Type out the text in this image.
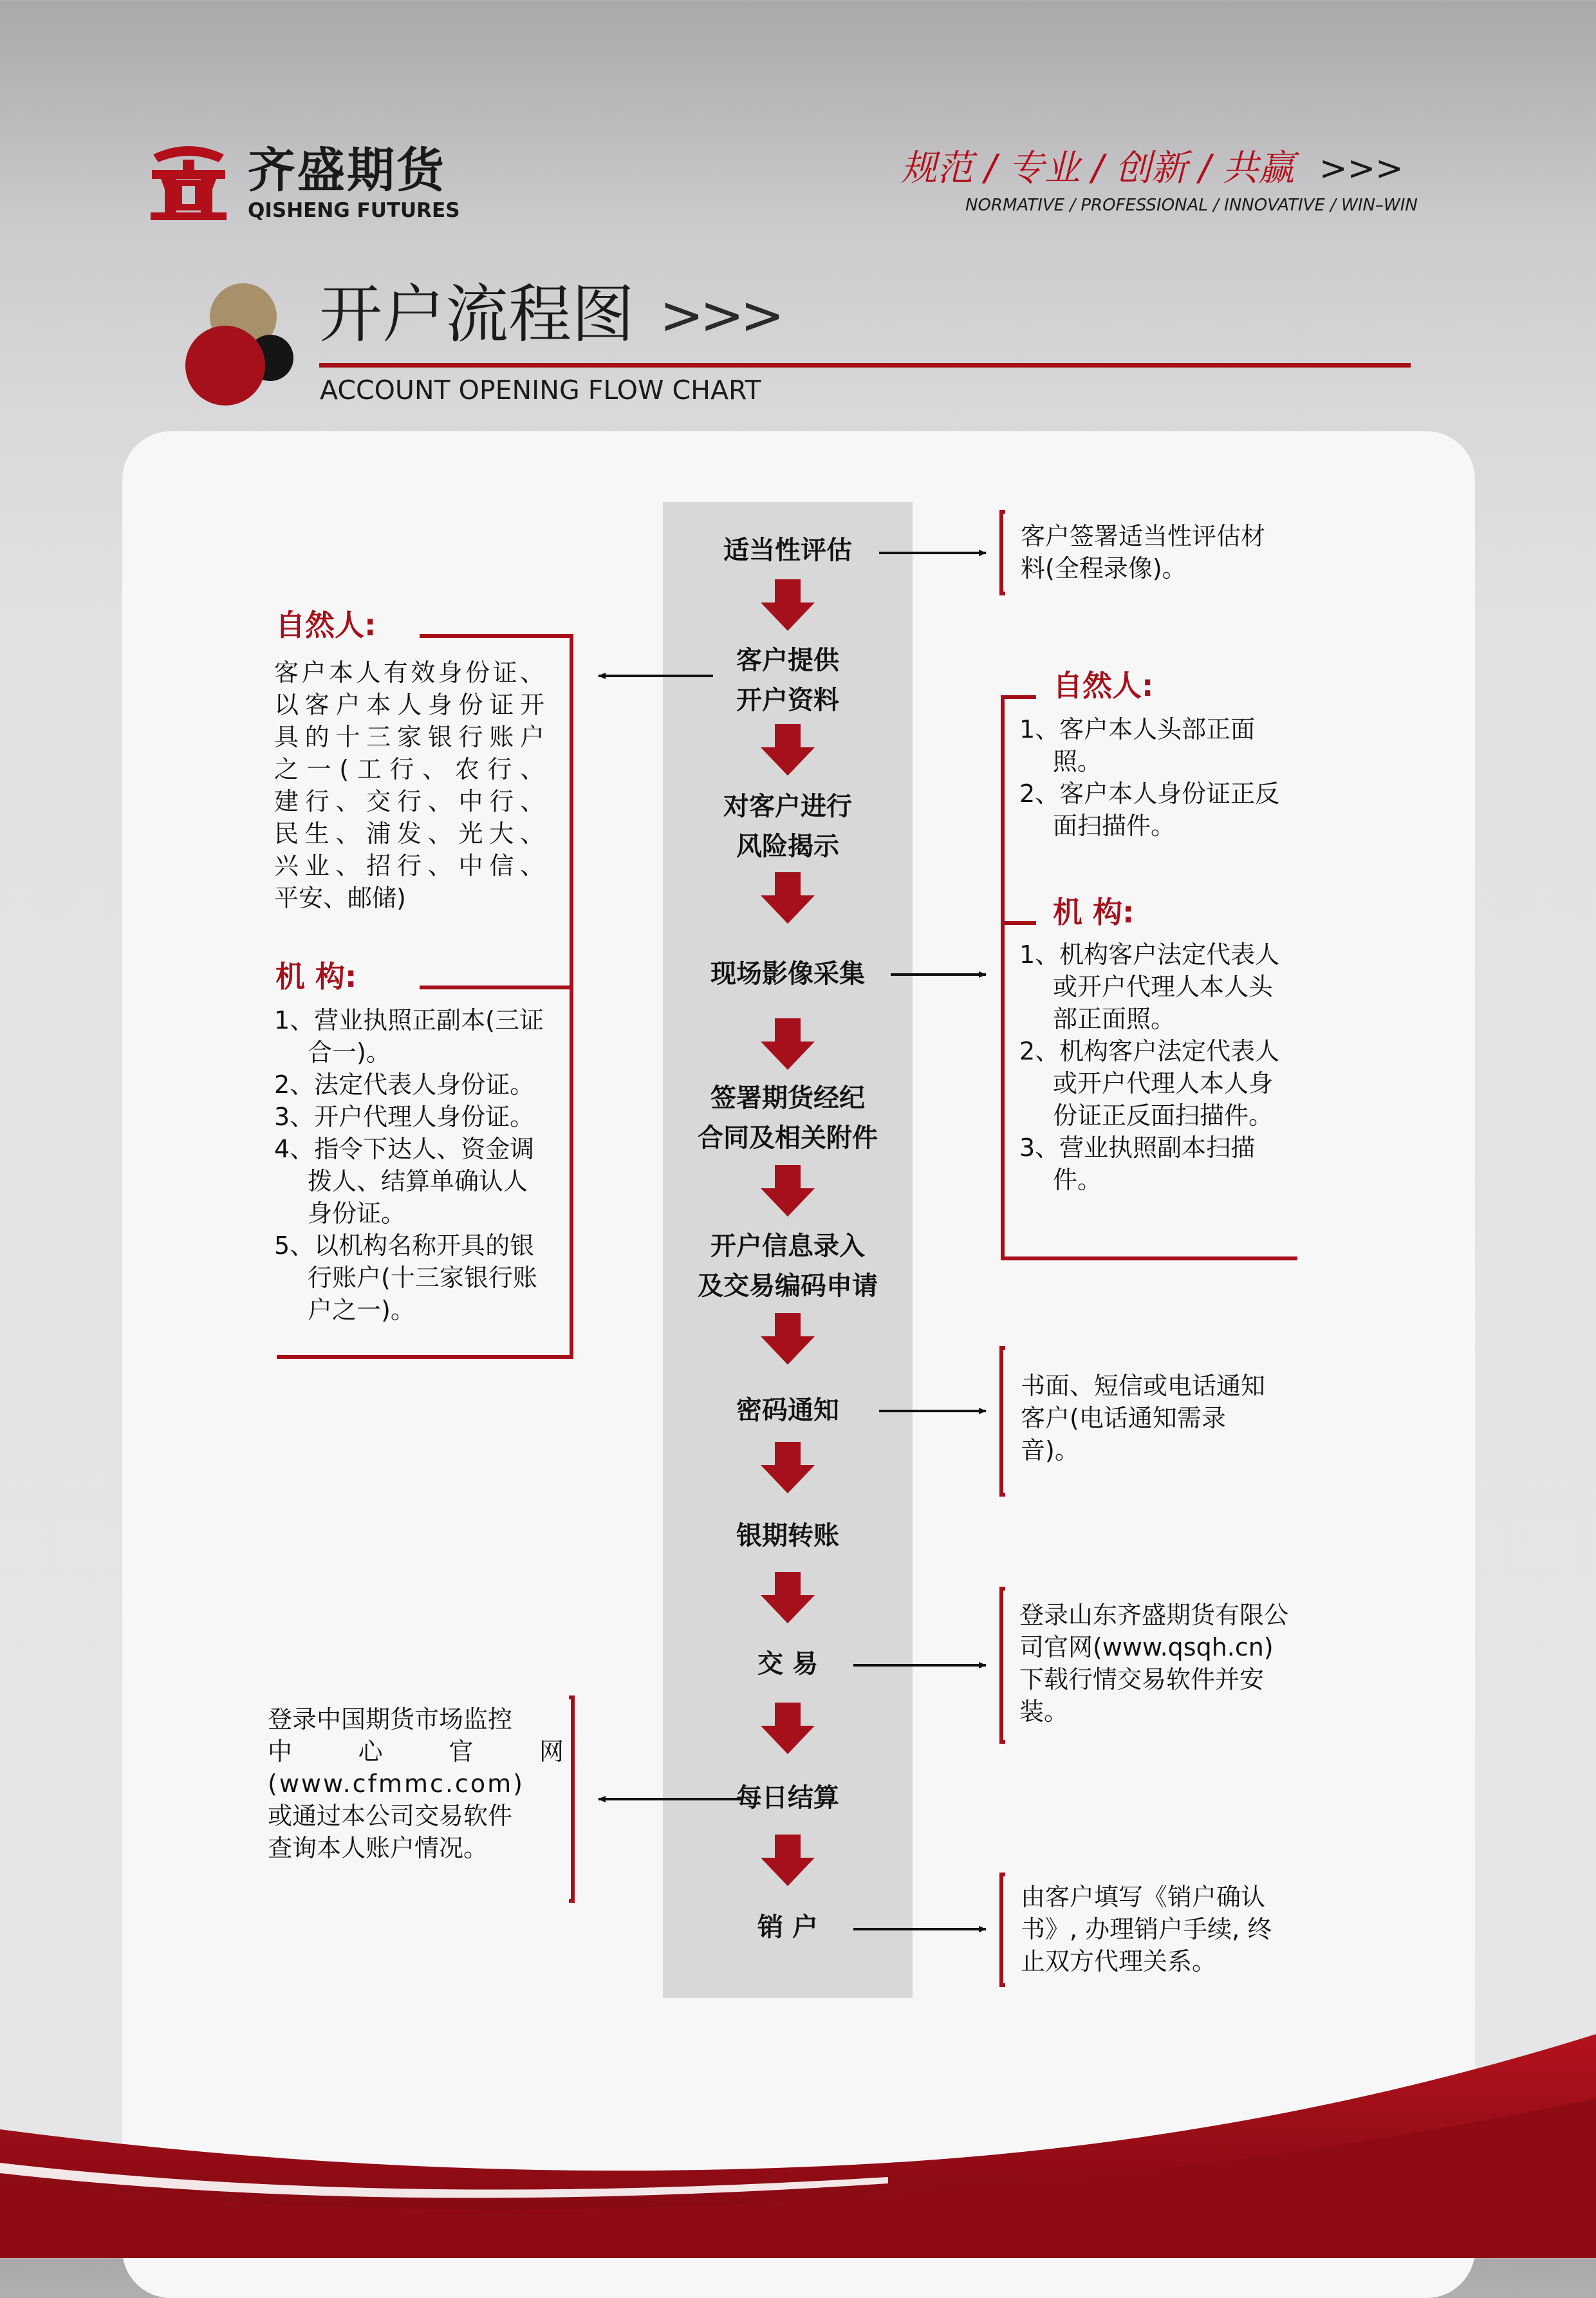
齐盛期货
QISHENG FUTURES
规范 / 专业 / 创新 / 共赢 >>>
NORMATIVE / PROFESSIONAL / INNOVATIVE / WIN–WIN
开户流程图 >>>
ACCOUNT OPENING FLOW CHART
适当性评估
客户提供
开户资料
对客户进行
风险揭示
现场影像采集
签署期货经纪
合同及相关附件
开户信息录入
及交易编码申请
密码通知
银期转账
交 易
每日结算
销 户

客户签署适当性评估材

料(全程录像)。

自然人:

客户本人有效身份证、

以客户本人身份证开

具的十三家银行账户

之一(工行、农行、

建行、交行、中行、

民生、浦发、光大、

兴业、招行、中信、

平安、邮储)

机 构:

1、营业执照正副本(三证合一)。

2、法定代表人身份证。

3、开户代理人身份证。

4、指令下达人、资金调拨人、结算单确认人身份证。

5、以机构名称开具的银行账户(十三家银行账户之一)。

自然人:

1、客户本人头部正面照。

2、客户本人身份证正反面扫描件。

机 构:

1、机构客户法定代表人或开户代理人本人头部正面照。

2、机构客户法定代表人或开户代理人本人身份证正反面扫描件。

3、营业执照副本扫描件。

书面、短信或电话通知

客户(电话通知需录

音)。

登录山东齐盛期货有限公

司官网(www.qsqh.cn)

下载行情交易软件并安

装。

登录中国期货市场监控

中心官网

(www.cfmmc.com)

或通过本公司交易软件

查询本人账户情况。

由客户填写《销户确认

书》, 办理销户手续, 终

止双方代理关系。
